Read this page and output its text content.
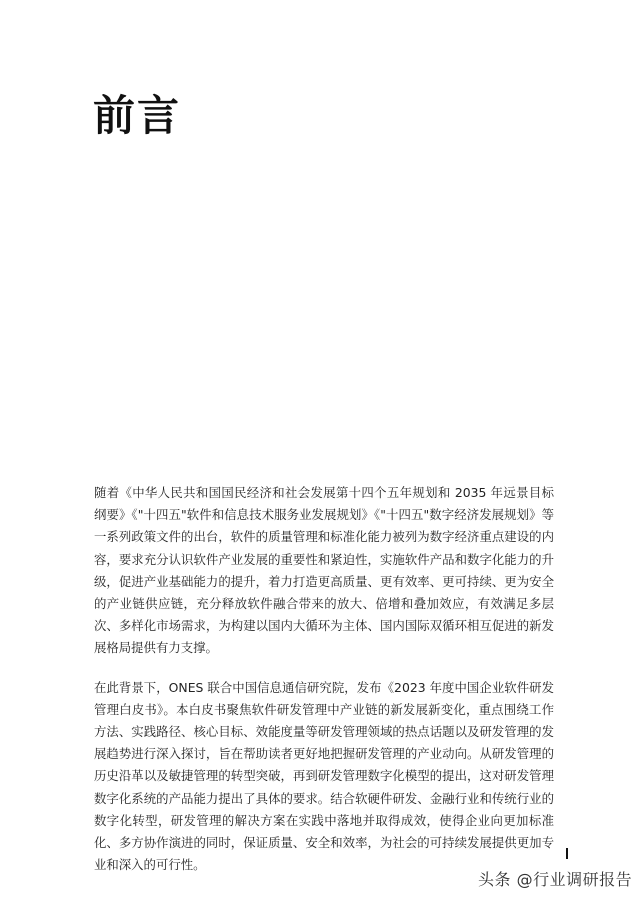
前言

随着《中华人民共和国国民经济和社会发展第十四个五年规划和 2035 年远景目标纲要》《"十四五"软件和信息技术服务业发展规划》《"十四五"数字经济发展规划》等一系列政策文件的出台，软件的质量管理和标准化能力被列为数字经济重点建设的内容，要求充分认识软件产业发展的重要性和紧迫性，实施软件产品和数字化能力的升级，促进产业基础能力的提升，着力打造更高质量、更有效率、更可持续、更为安全的产业链供应链，充分释放软件融合带来的放大、倍增和叠加效应，有效满足多层次、多样化市场需求，为构建以国内大循环为主体、国内国际双循环相互促进的新发展格局提供有力支撑。

在此背景下，ONES 联合中国信息通信研究院，发布《2023 年度中国企业软件研发管理白皮书》。本白皮书聚焦软件研发管理中产业链的新发展新变化，重点围绕工作方法、实践路径、核心目标、效能度量等研发管理领域的热点话题以及研发管理的发展趋势进行深入探讨，旨在帮助读者更好地把握研发管理的产业动向。从研发管理的历史沿革以及敏捷管理的转型突破，再到研发管理数字化模型的提出，这对研发管理数字化系统的产品能力提出了具体的要求。结合软硬件研发、金融行业和传统行业的数字化转型，研发管理的解决方案在实践中落地并取得成效，使得企业向更加标准化、多方协作演进的同时，保证质量、安全和效率，为社会的可持续发展提供更加专业和深入的可行性。

头条 @行业调研报告
